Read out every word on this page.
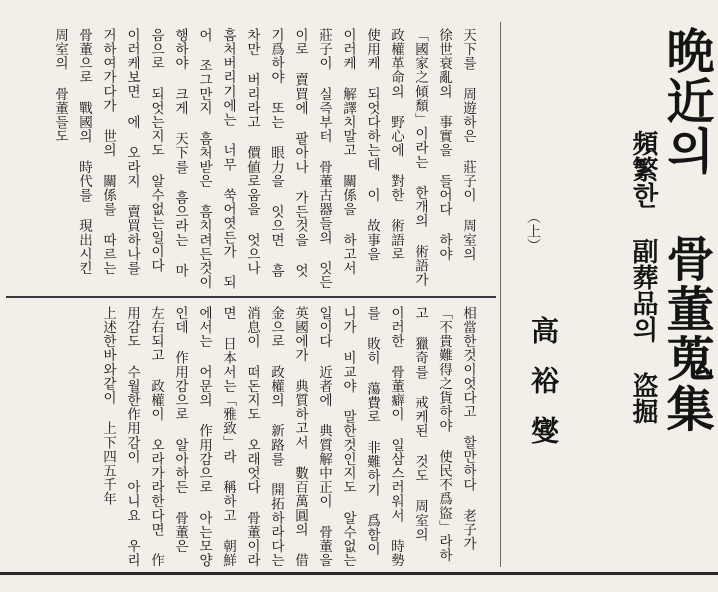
晩近의 骨董蒐集
頻繁한 副葬品의 盗掘
（上）
高裕燮
天下를 周遊하은 莊子이 周室의 徐世衰亂의 事實을 들어다 하야 「國家之傾頹」이라는 한개의 術語가 政權革命의 野心에 對한 術語로 使用케 되엇다하는데 이 故事을 이러케 解譯치말고 關係을 하고서 莊子이 실즉부터 骨董古器들의 잇든이로 賣買에 팔아나 가든것을 엇기爲하야 또는 眼力을 잇으면 흠차만 버리라고 價値로움을 엇으나 흠처버리기에는 너무 쑥어엿든가 되어 조그만지 흠처받은 흠치려든것이 행하야 크게 天下를 흠으라는 마음으로 되엇는지도 알수없는일이다 이러케보면 에 오라지 賣買하나를 거하여가다가 世의 關係를 따르는 骨董으로 戰國의 時代를 現出시킨 周室의 骨董들도
相當한것이엇다고 할만하다 老子가「不貴難得之貨하야 使民不爲盜」라하고 獵奇를 戒케된 것도 周室의 이러한 骨董癖이 일삼스러워서 時勢를 敗히 蕩費로 非難하기 爲함이니가 비교야 말한것인지도 알수없는 일이다 近者에 典質解中正이 骨董을 英國에가 典質하고서 數百萬圓의 借金으로 政權의 新路를 開拓하라다는 消息이 떠돈지도 오래엇다 骨董이라면 日本서는「雅致」라 稱하고 朝鮮에서는 어문의 作用감으로 아는모양인데 作用감으로 알아하든 骨董은 左右되고 政權이 오라가라한다면 作用감도 수월한作用감이 아니요 우리 上述한바와같이 上下四五千年
